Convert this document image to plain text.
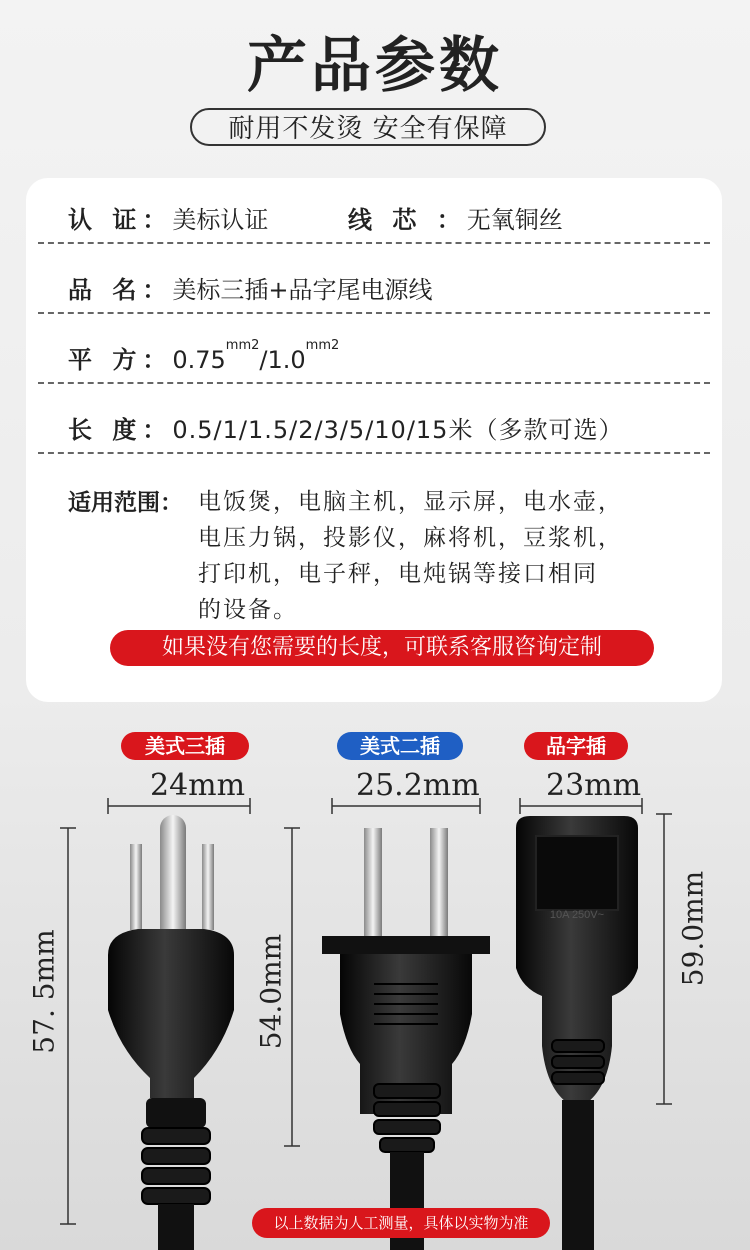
产品参数
耐用不发烫 安全有保障
认 证：美标认证	线 芯 ：无氧铜丝
品 名：美标三插+品字尾电源线
平 方：$0.75^{mm2}/1.0^{mm2}$
长 度：0.5/1/1.5/2/3/5/10/15米（多款可选）
适用范围： 电饭煲，电脑主机，显示屏，电水壶，
电压力锅，投影仪，麻将机，豆浆机，
打印机，电子秤，电炖锅等接口相同
的设备。
如果没有您需要的长度，可联系客服咨询定制
美式三插	美式二插	品字插
24mm	25.2mm 23mm
57. 5mm	54.0mm
59.0mm
10A 250V~
以上数据为人工测量，具体以实物为准
